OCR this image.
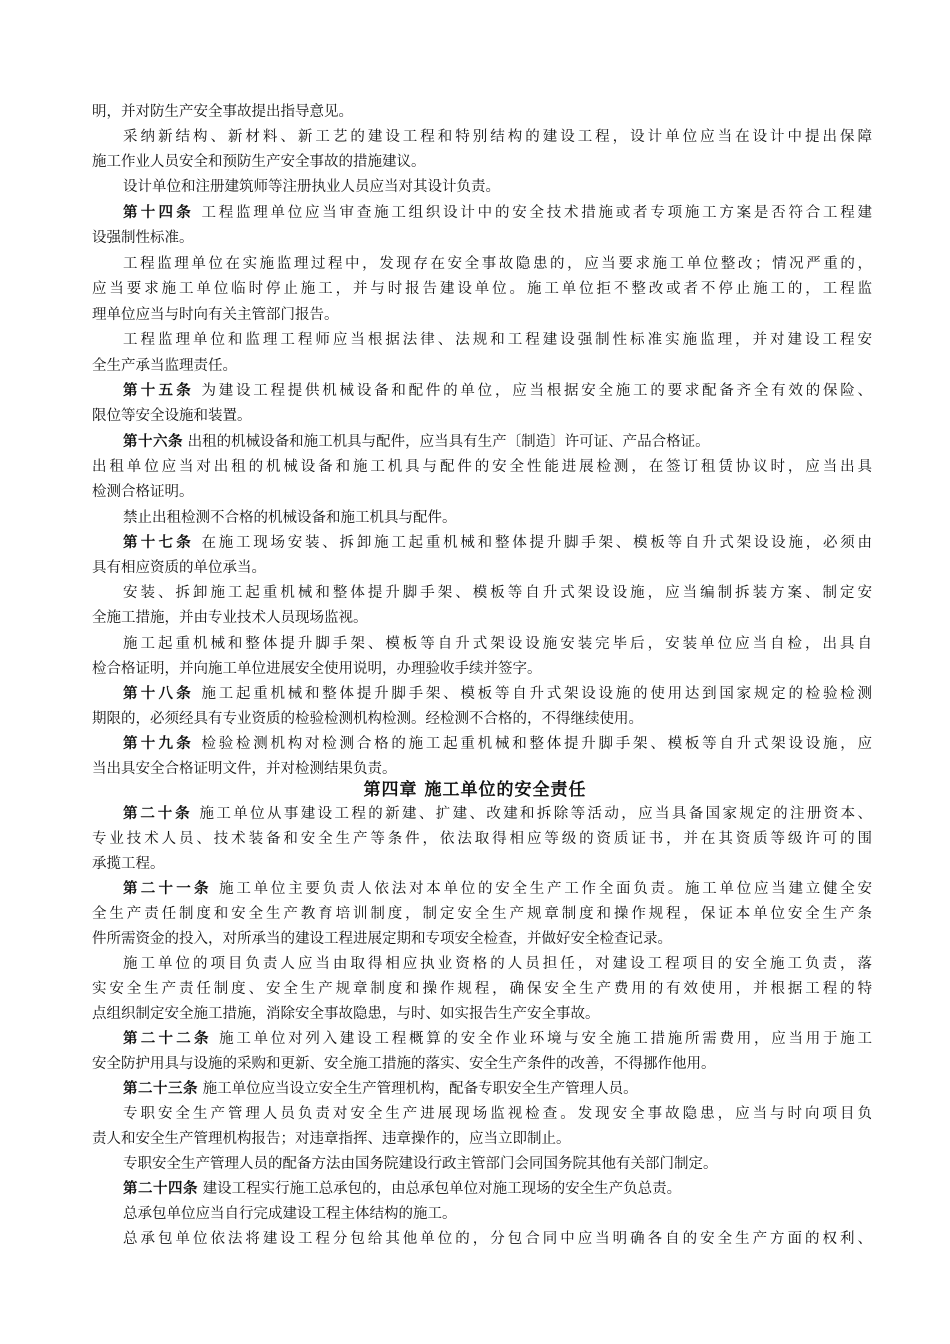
明，并对防生产安全事故提出指导意见。
采纳新结构、新材料、新工艺的建设工程和特别结构的建设工程，设计单位应当在设计中提出保障
施工作业人员安全和预防生产安全事故的措施建议。
设计单位和注册建筑师等注册执业人员应当对其设计负责。
第十四条 工程监理单位应当审查施工组织设计中的安全技术措施或者专项施工方案是否符合工程建
设强制性标准。
工程监理单位在实施监理过程中，发现存在安全事故隐患的，应当要求施工单位整改；情况严重的，
应当要求施工单位临时停止施工，并与时报告建设单位。施工单位拒不整改或者不停止施工的，工程监
理单位应当与时向有关主管部门报告。
工程监理单位和监理工程师应当根据法律、法规和工程建设强制性标准实施监理，并对建设工程安
全生产承当监理责任。
第十五条 为建设工程提供机械设备和配件的单位，应当根据安全施工的要求配备齐全有效的保险、
限位等安全设施和装置。
第十六条 出租的机械设备和施工机具与配件，应当具有生产〔制造〕许可证、产品合格证。
出租单位应当对出租的机械设备和施工机具与配件的安全性能进展检测，在签订租赁协议时，应当出具
检测合格证明。
禁止出租检测不合格的机械设备和施工机具与配件。
第十七条 在施工现场安装、拆卸施工起重机械和整体提升脚手架、模板等自升式架设设施，必须由
具有相应资质的单位承当。
安装、拆卸施工起重机械和整体提升脚手架、模板等自升式架设设施，应当编制拆装方案、制定安
全施工措施，并由专业技术人员现场监视。
施工起重机械和整体提升脚手架、模板等自升式架设设施安装完毕后，安装单位应当自检，出具自
检合格证明，并向施工单位进展安全使用说明，办理验收手续并签字。
第十八条 施工起重机械和整体提升脚手架、模板等自升式架设设施的使用达到国家规定的检验检测
期限的，必须经具有专业资质的检验检测机构检测。经检测不合格的，不得继续使用。
第十九条 检验检测机构对检测合格的施工起重机械和整体提升脚手架、模板等自升式架设设施，应
当出具安全合格证明文件，并对检测结果负责。
第四章 施工单位的安全责任
第二十条 施工单位从事建设工程的新建、扩建、改建和拆除等活动，应当具备国家规定的注册资本、
专业技术人员、技术装备和安全生产等条件，依法取得相应等级的资质证书，并在其资质等级许可的围
承揽工程。
第二十一条 施工单位主要负责人依法对本单位的安全生产工作全面负责。施工单位应当建立健全安
全生产责任制度和安全生产教育培训制度，制定安全生产规章制度和操作规程，保证本单位安全生产条
件所需资金的投入，对所承当的建设工程进展定期和专项安全检查，并做好安全检查记录。
施工单位的项目负责人应当由取得相应执业资格的人员担任，对建设工程项目的安全施工负责，落
实安全生产责任制度、安全生产规章制度和操作规程，确保安全生产费用的有效使用，并根据工程的特
点组织制定安全施工措施，消除安全事故隐患，与时、如实报告生产安全事故。
第二十二条 施工单位对列入建设工程概算的安全作业环境与安全施工措施所需费用，应当用于施工
安全防护用具与设施的采购和更新、安全施工措施的落实、安全生产条件的改善，不得挪作他用。
第二十三条 施工单位应当设立安全生产管理机构，配备专职安全生产管理人员。
专职安全生产管理人员负责对安全生产进展现场监视检查。发现安全事故隐患，应当与时向项目负
责人和安全生产管理机构报告；对违章指挥、违章操作的，应当立即制止。
专职安全生产管理人员的配备方法由国务院建设行政主管部门会同国务院其他有关部门制定。
第二十四条 建设工程实行施工总承包的，由总承包单位对施工现场的安全生产负总责。
总承包单位应当自行完成建设工程主体结构的施工。
总承包单位依法将建设工程分包给其他单位的，分包合同中应当明确各自的安全生产方面的权利、
